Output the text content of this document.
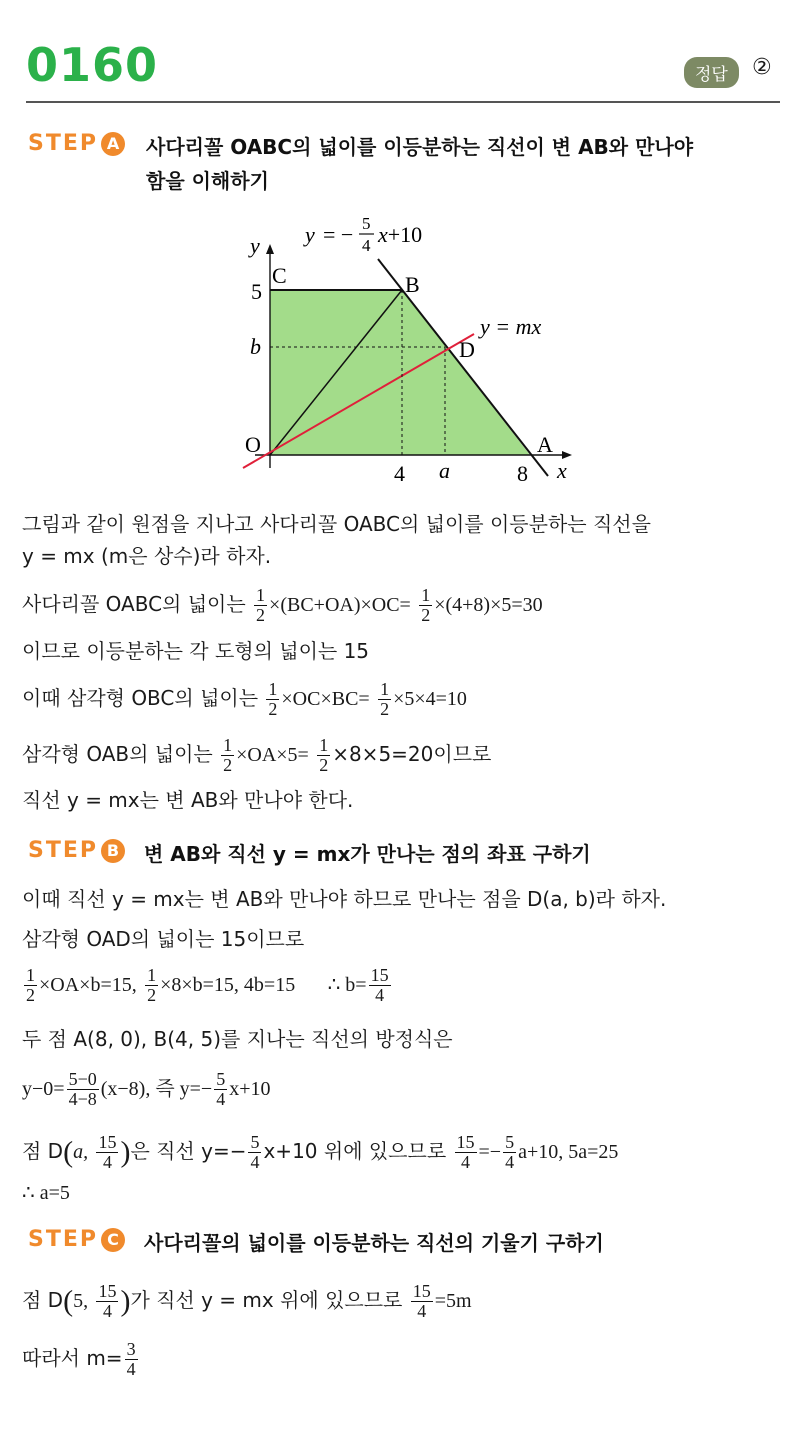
0160	정답	②
STEP A 사다리꼴 OABC의 넓이를 이등분하는 직선이 변 AB와 만나야
함을 이해하기
y = − 5
4 x+10
y = mx
y
x
O
C	B
D
A
5
b
4 a	8
그림과 같이 원점을 지나고 사다리꼴 OABC의 넓이를 이등분하는 직선을
y = mx (m은 상수)라 하자.
사다리꼴 OABC의 넓이는 $\frac{1}{2} \times(BC+OA)\times OC= \frac{1}{2} \times(4+8)\times 5=30$
이므로 이등분하는 각 도형의 넓이는 15
이때 삼각형 OBC의 넓이는 $\frac{1}{2} \times OC\times BC= \frac{1}{2} \times 5\times 4=10$
삼각형 OAB의 넓이는 $\frac{1}{2} \times OA\times 5= \frac{1}{2} \times 8\times 5=20$이므로
직선 y = mx는 변 AB와 만나야 한다.
STEP B 변 AB와 직선 y = mx가 만나는 점의 좌표 구하기
이때 직선 y = mx는 변 AB와 만나야 하므로 만나는 점을 D(a, b)라 하자.
삼각형 OAD의 넓이는 15이므로
$\frac{1}{2} \times OA\times b=15$, $\frac{1}{2} \times 8\times b=15$, 4b=15 ∴ $b= \frac{15}{4}$
두 점 A(8, 0), B(4, 5)를 지나는 직선의 방정식은
$y-0= \frac{5-0}{4-8} (x-8)$, 즉 $y=- \frac{5}{4} x+10$
점 D(a, $\frac{15}{4}$ )은 직선 $y=- \frac{5}{4} x+10$ 위에 있으므로 $\frac{15}{4} =- \frac{5}{4} a+10$, 5a=25
∴ a=5
STEP C	사다리꼴의 넓이를 이등분하는 직선의 기울기 구하기
점 D(5, $\frac{15}{4}$ )가 직선 y = mx 위에 있으므로 $\frac{15}{4} =5m$
따라서 $m= \frac{3}{4}$
